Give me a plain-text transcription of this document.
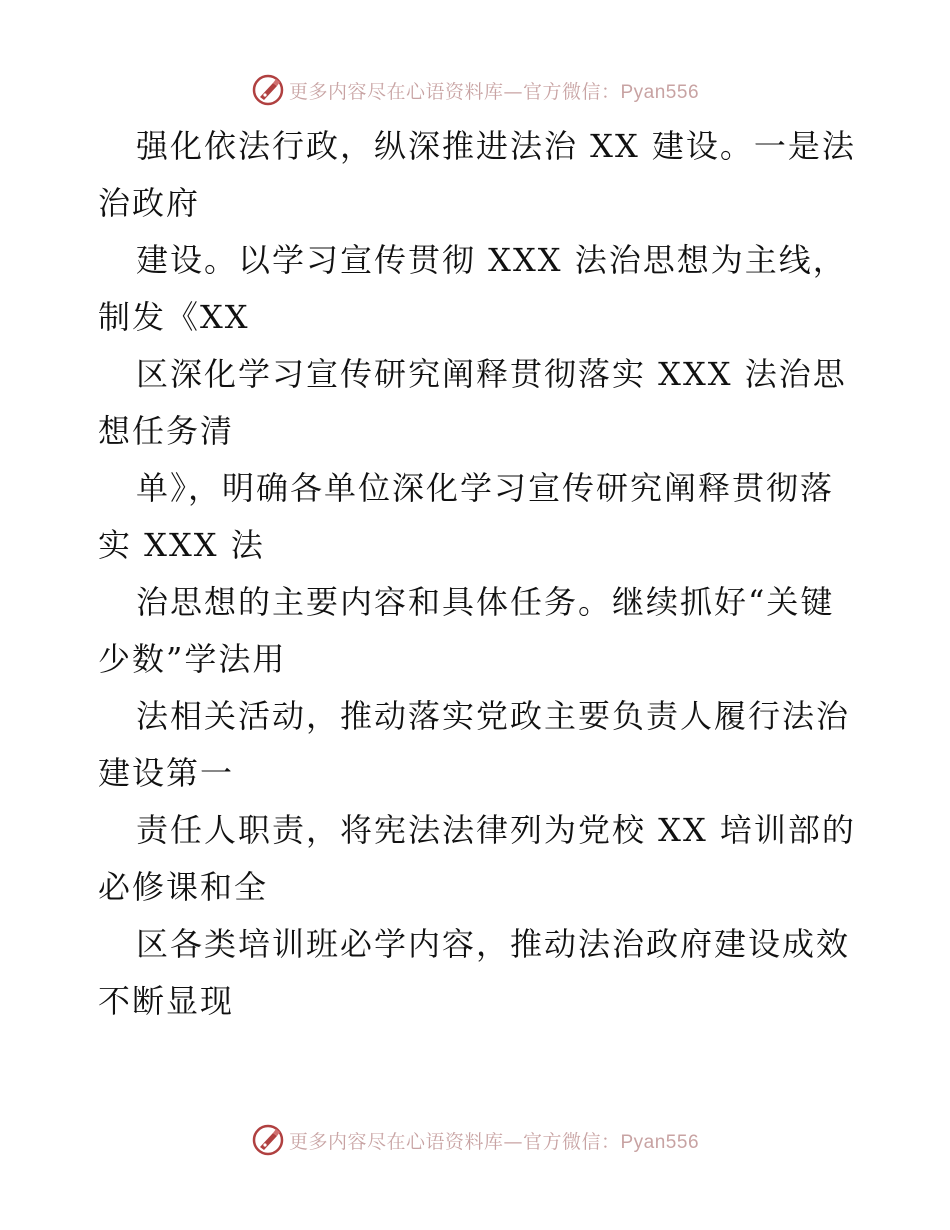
更多内容尽在心语资料库—官方微信：Pyan556
强化依法行政，纵深推进法治 XX 建设。一是法
治政府
建设。以学习宣传贯彻 XXX 法治思想为主线，
制发《XX
区深化学习宣传研究阐释贯彻落实 XXX 法治思
想任务清
单》，明确各单位深化学习宣传研究阐释贯彻落
实 XXX 法
治思想的主要内容和具体任务。继续抓好“关键
少数”学法用
法相关活动，推动落实党政主要负责人履行法治
建设第一
责任人职责，将宪法法律列为党校 XX 培训部的
必修课和全
区各类培训班必学内容，推动法治政府建设成效
不断显现
更多内容尽在心语资料库—官方微信：Pyan556
